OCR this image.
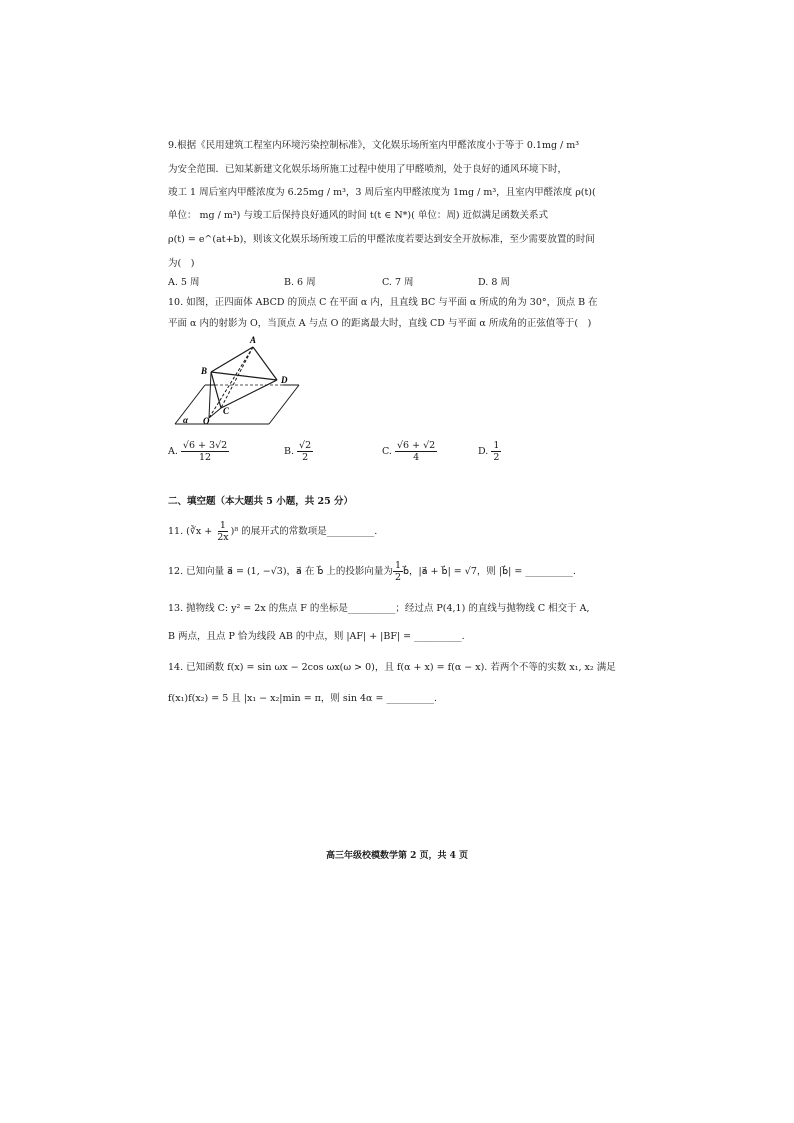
9.根据《民用建筑工程室内环境污染控制标准》，文化娱乐场所室内甲醛浓度小于等于 0.1mg / m³
为安全范围．已知某新建文化娱乐场所施工过程中使用了甲醛喷剂，处于良好的通风环境下时，
竣工 1 周后室内甲醛浓度为 6.25mg / m³，3 周后室内甲醛浓度为 1mg / m³，且室内甲醛浓度 ρ(t)(
单位： mg / m³) 与竣工后保持良好通风的时间 t(t ∈ N*)( 单位：周) 近似满足函数关系式
ρ(t) = e^(at+b)，则该文化娱乐场所竣工后的甲醛浓度若要达到安全开放标准，至少需要放置的时间
为(　)
A. 5 周	B. 6 周	C. 7 周	D. 8 周
10. 如图，正四面体 ABCD 的顶点 C 在平面 α 内，且直线 BC 与平面 α 所成的角为 30°，顶点 B 在
平面 α 内的射影为 O，当顶点 A 与点 O 的距离最大时，直线 CD 与平面 α 所成角的正弦值等于(　)
A
B
C
D
O
α
A. $\frac{√6 + 3√2}{12}$	B. $\frac{√2}{2}$	C. $\frac{√6 + √2}{4}$	D. $\frac{1}{2}$
二、填空题（本大题共 5 小题，共 25 分）
11. (∛x + $\frac{1}{2x} )^8$ 的展开式的常数项是__________.
12. 已知向量 a⃗ = (1, −√3)，a⃗ 在 b⃗ 上的投影向量为 $\frac{1}{2}$ b⃗，|a⃗ + b⃗| = √7，则 |b⃗| = __________.
13. 抛物线 C: y² = 2x 的焦点 F 的坐标是__________；经过点 P(4,1) 的直线与抛物线 C 相交于 A,
B 两点，且点 P 恰为线段 AB 的中点，则 |AF| + |BF| = __________.
14. 已知函数 f(x) = sin ωx − 2cos ωx(ω > 0)，且 f(α + x) = f(α − x). 若两个不等的实数 x₁, x₂ 满足
f(x₁)f(x₂) = 5 且 |x₁ − x₂|min = π，则 sin 4α = __________.
高三年级校模数学第 2 页，共 4 页
